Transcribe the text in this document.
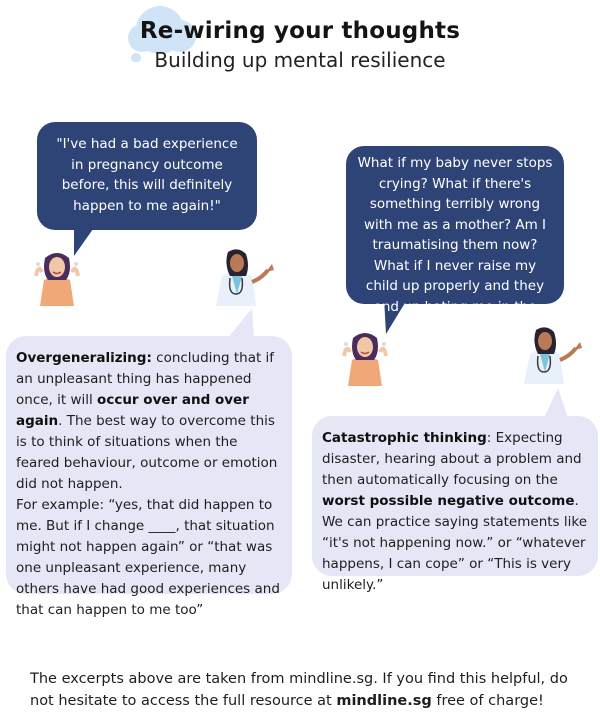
Re-wiring your thoughts
Building up mental resilience
"I've had a bad experience in pregnancy outcome before, this will definitely happen to me again!"
What if my baby never stops crying? What if there's something terribly wrong with me as a mother? Am I traumatising them now? What if I never raise my child up properly and they end up hating me in the future?"
Overgeneralizing: concluding that if an unpleasant thing has happened once, it will occur over and over again. The best way to overcome this is to think of situations when the feared behaviour, outcome or emotion did not happen.
For example: “yes, that did happen to me. But if I change ____, that situation might not happen again” or “that was one unpleasant experience, many others have had good experiences and that can happen to me too”
Catastrophic thinking: Expecting disaster, hearing about a problem and then automatically focusing on the worst possible negative outcome. We can practice saying statements like “it's not happening now.” or “whatever happens, I can cope” or “This is very unlikely.”
The excerpts above are taken from mindline.sg. If you find this helpful, do not hesitate to access the full resource at mindline.sg free of charge!
